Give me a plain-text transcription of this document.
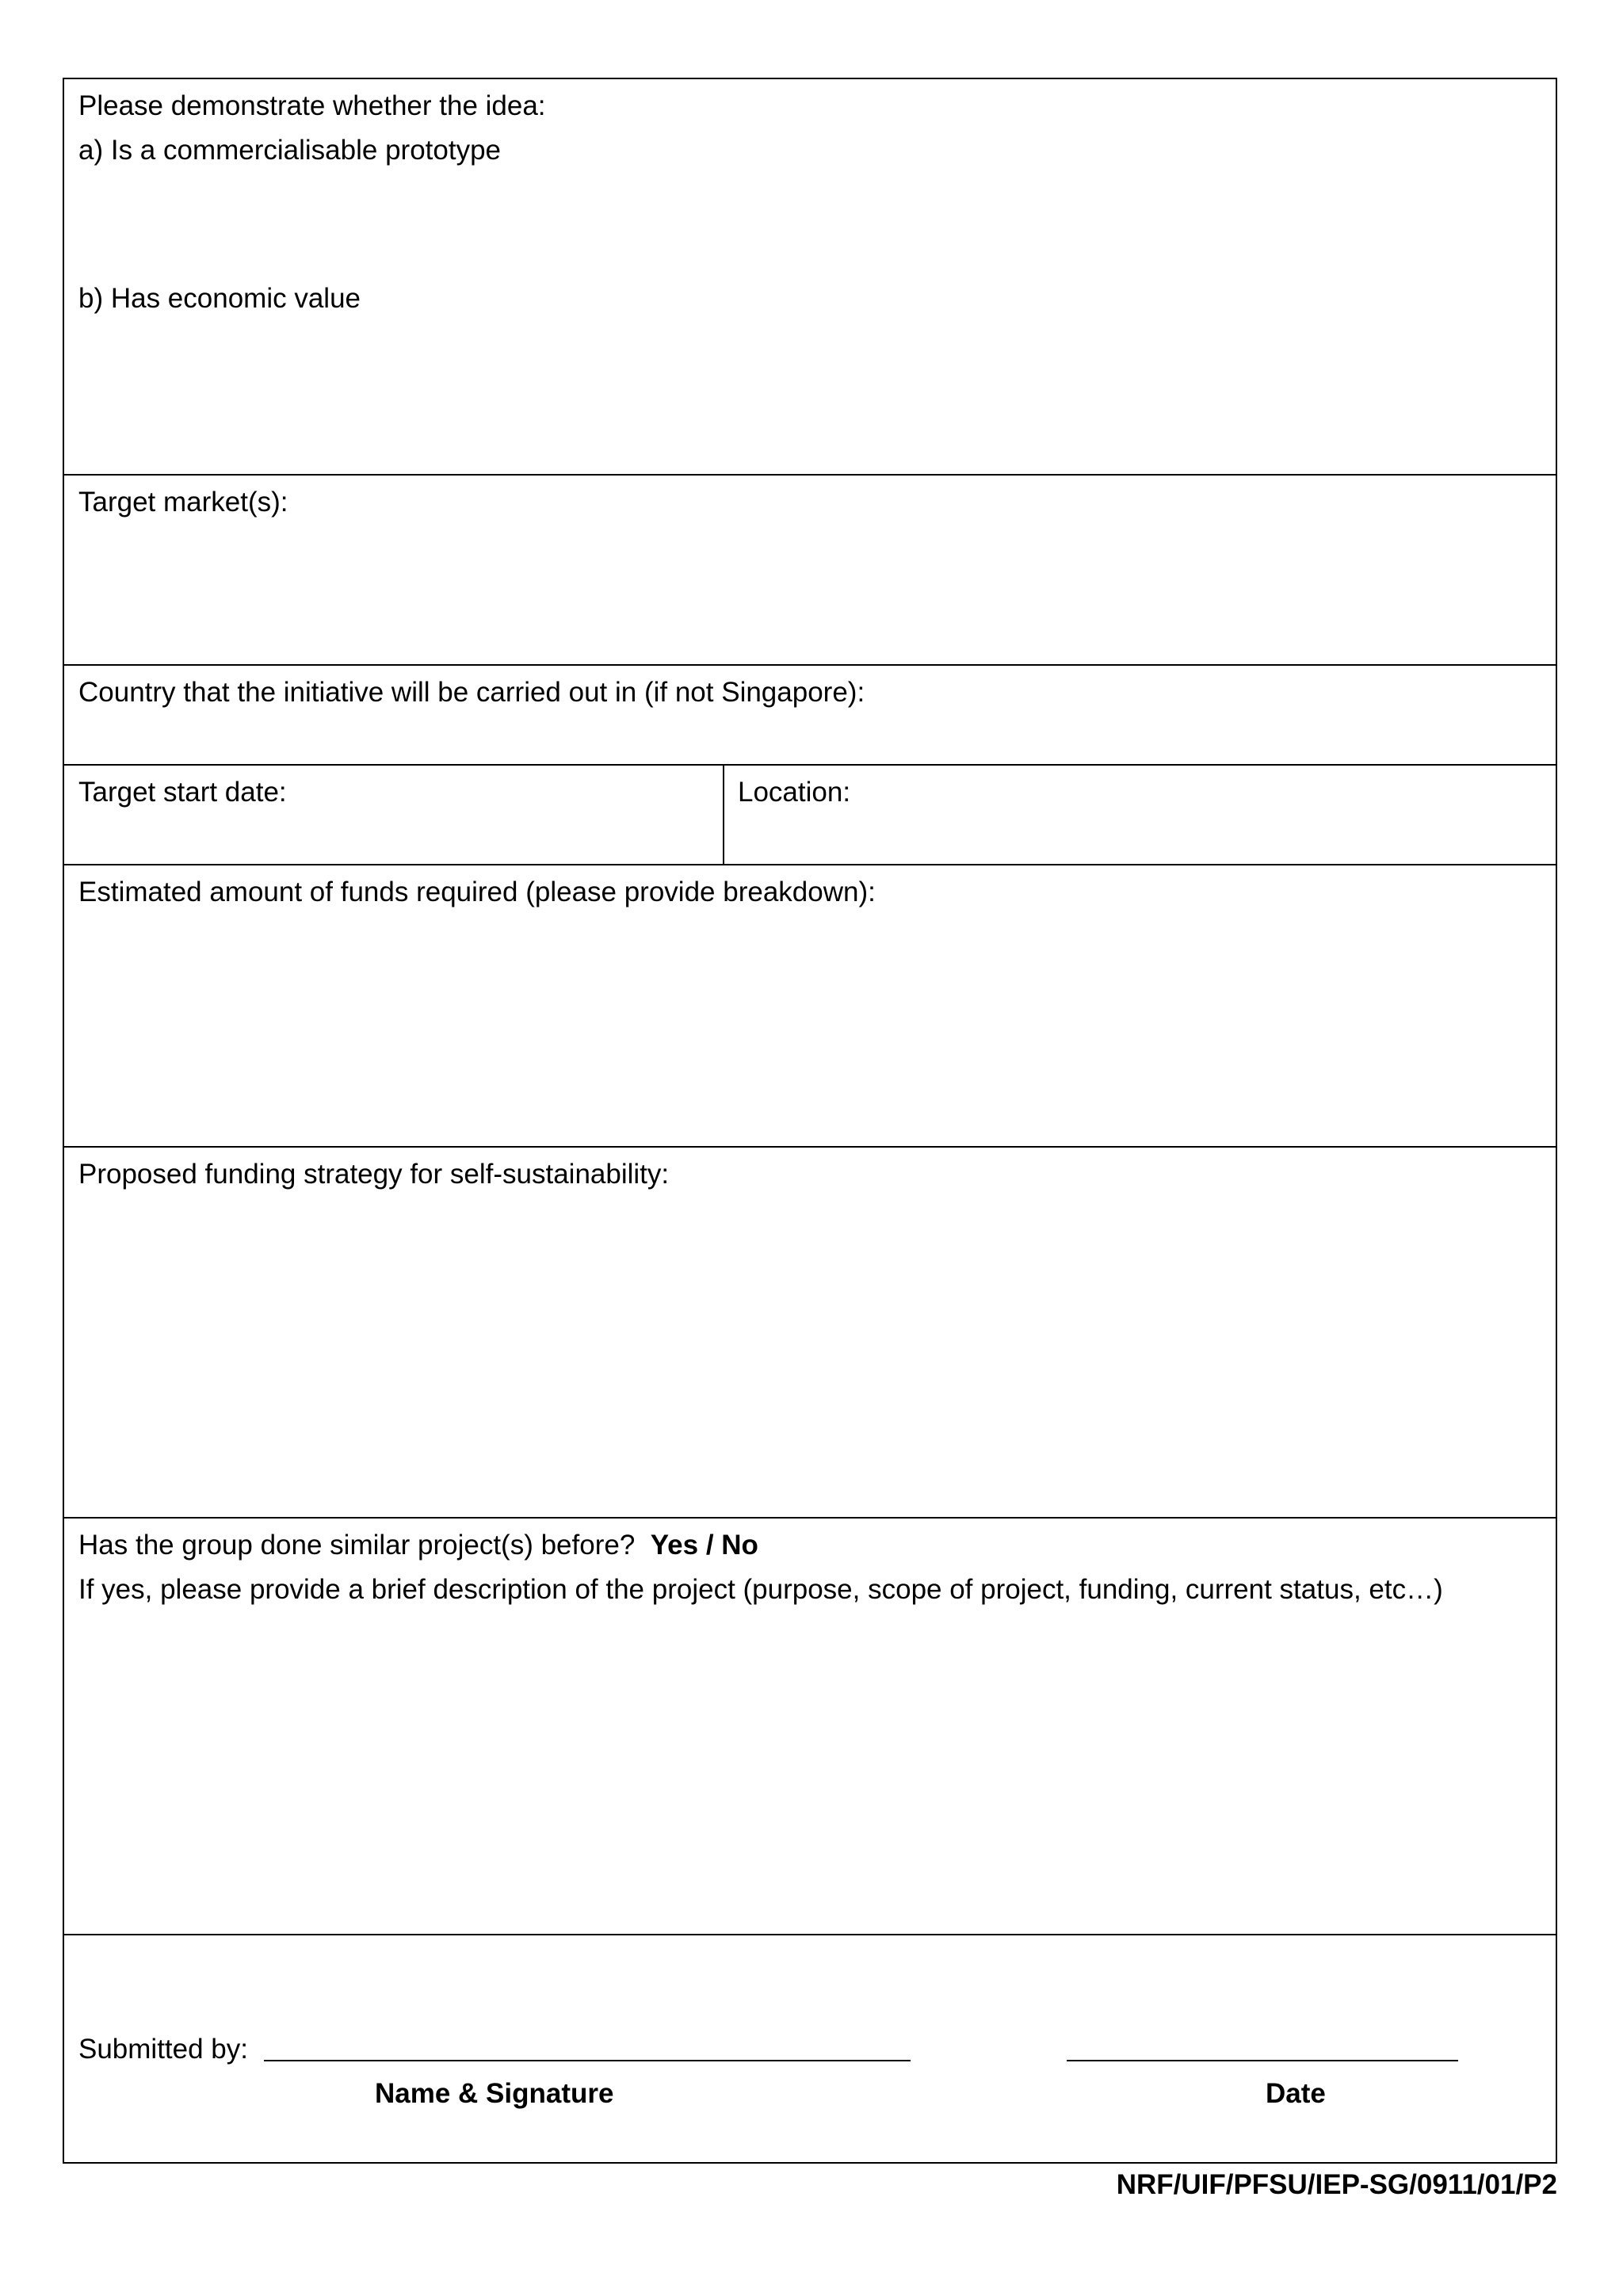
Please demonstrate whether the idea:
a) Is a commercialisable prototype
b) Has economic value
Target market(s):
Country that the initiative will be carried out in (if not Singapore):
Target start date:	Location:
Estimated amount of funds required (please provide breakdown):
Proposed funding strategy for self-sustainability:
Has the group done similar project(s) before? Yes / No
If yes, please provide a brief description of the project (purpose, scope of project, funding, current status, etc…)
Submitted by:
Name & Signature	Date
NRF/UIF/PFSU/IEP-SG/0911/01/P2
